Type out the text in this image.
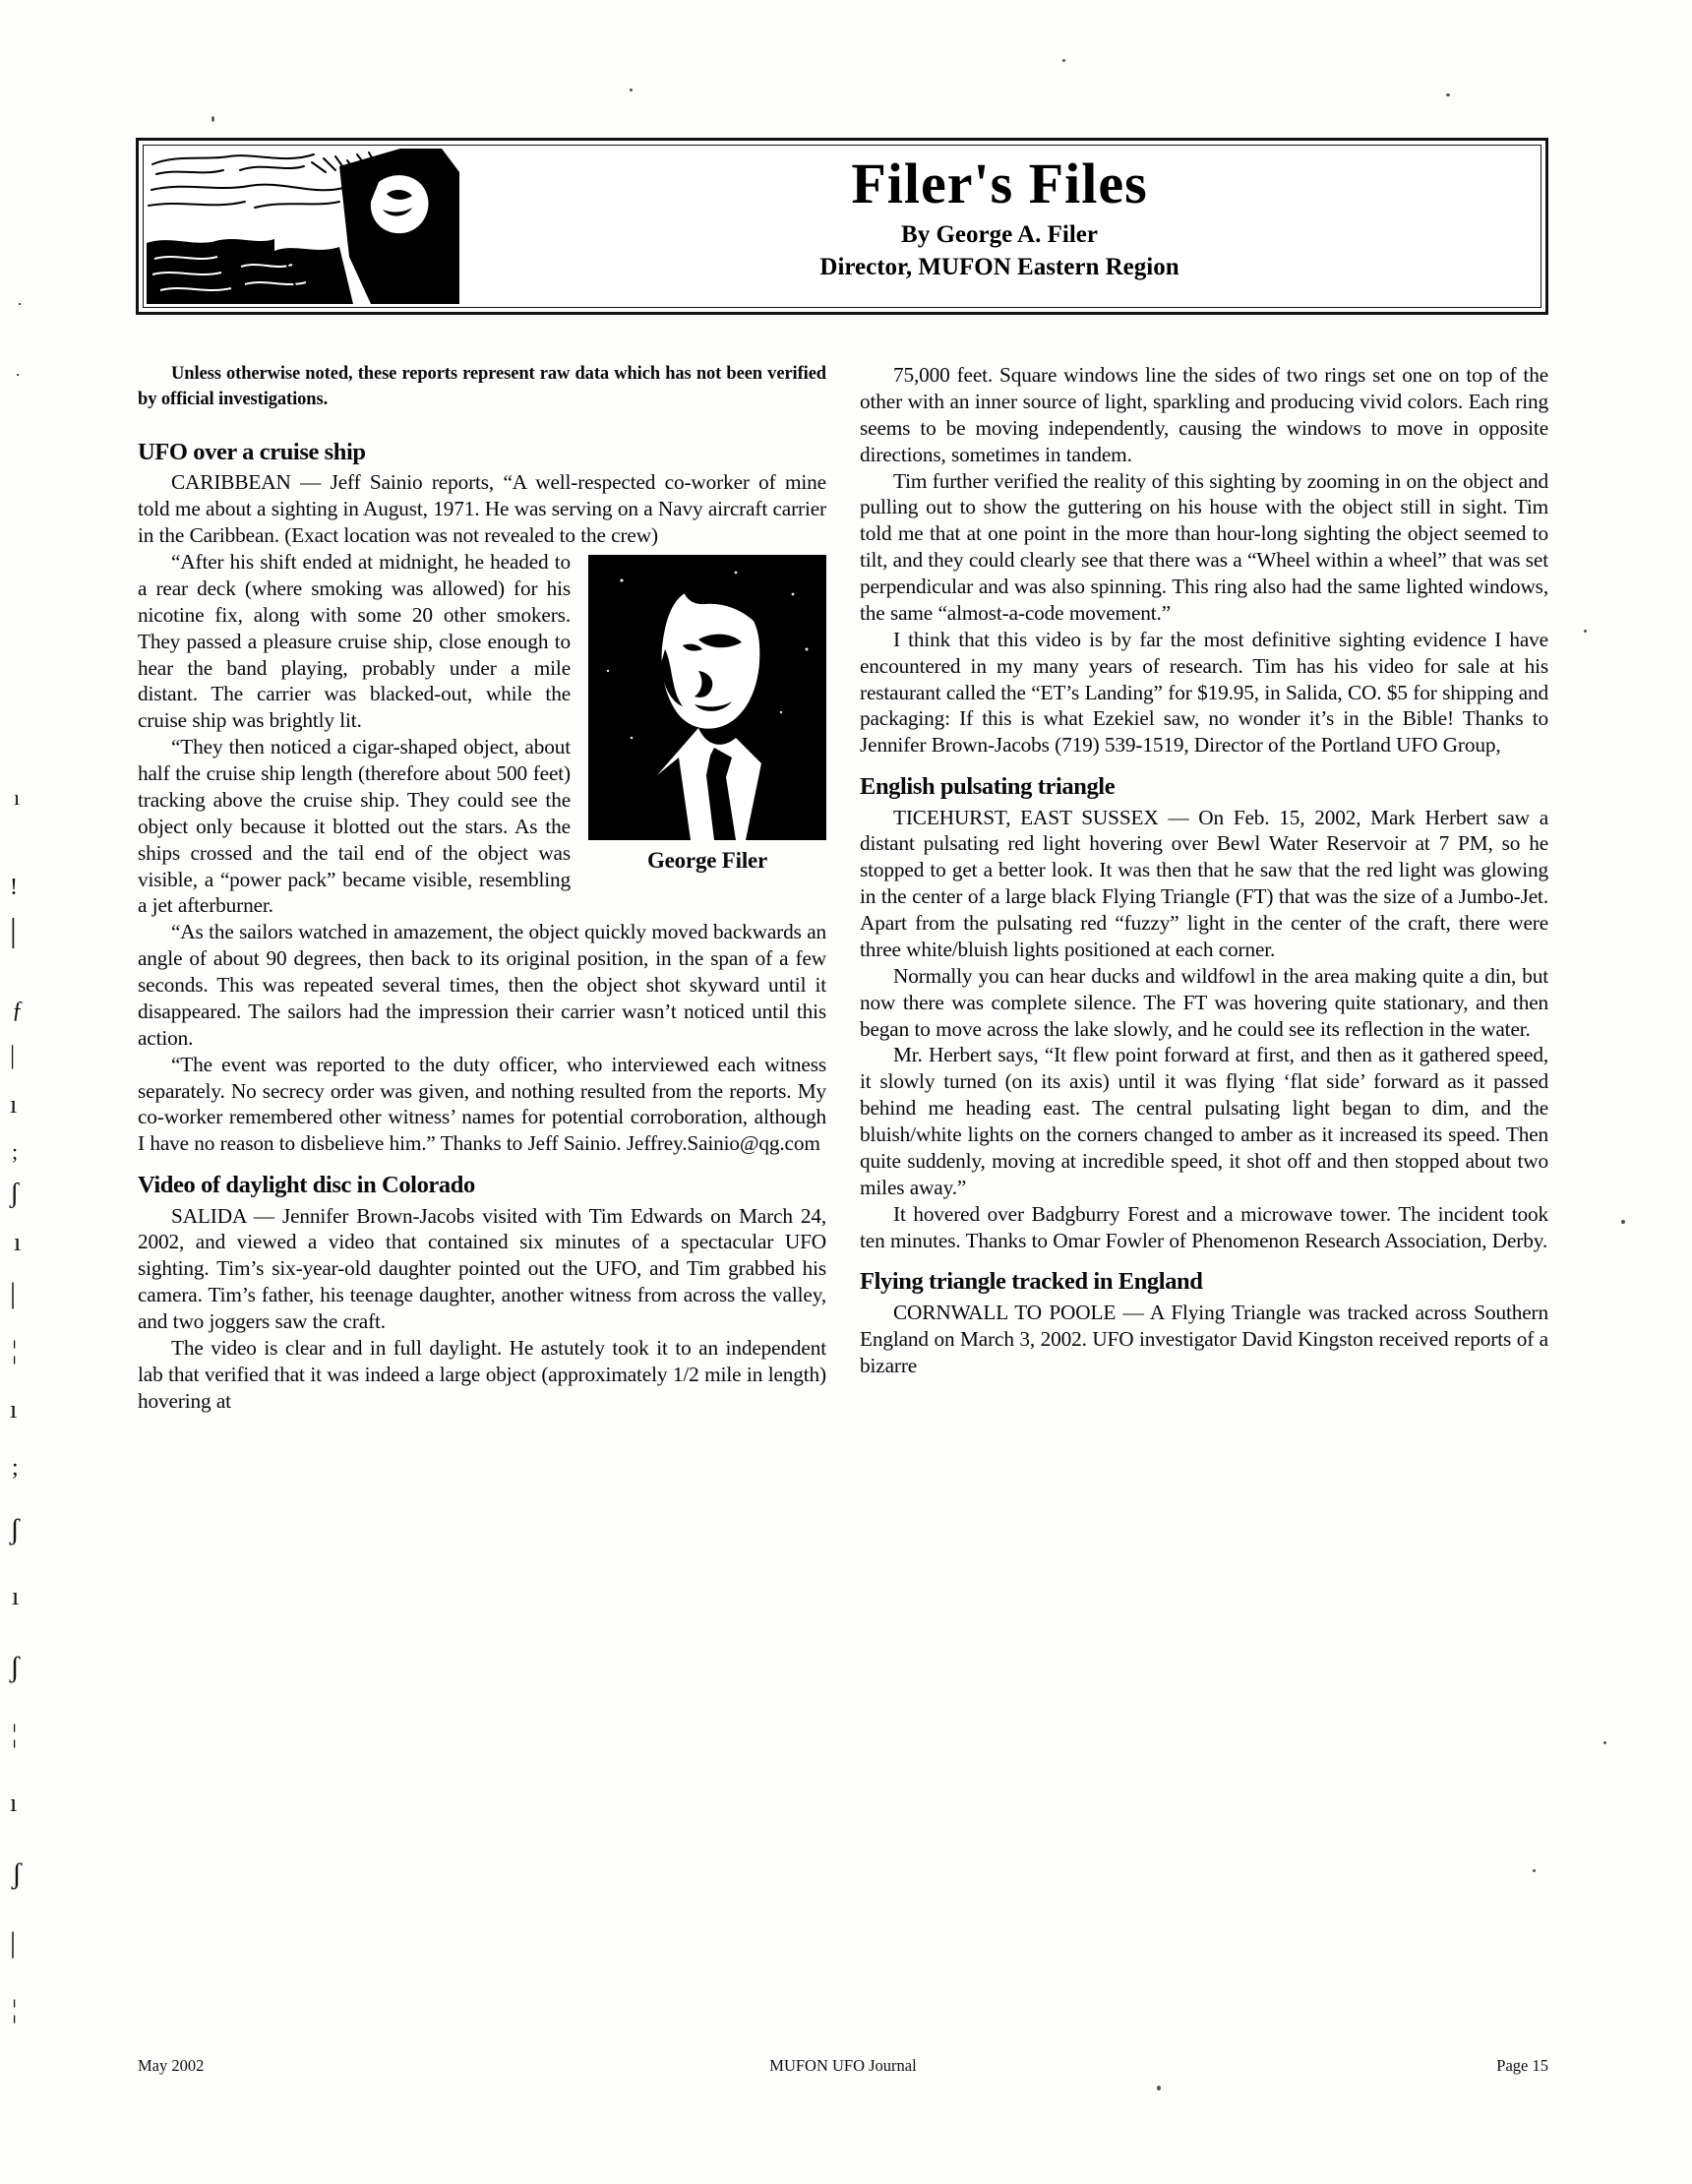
Filer's Files

By George A. Filer

Director, MUFON Eastern Region

Unless otherwise noted, these reports represent raw data which has not been verified by official investigations.

UFO over a cruise ship

CARIBBEAN — Jeff Sainio reports, “A well-respected co-worker of mine told me about a sighting in August, 1971. He was serving on a Navy aircraft carrier in the Caribbean. (Exact location was not revealed to the crew)

George Filer

“After his shift ended at midnight, he headed to a rear deck (where smoking was allowed) for his nicotine fix, along with some 20 other smokers. They passed a pleasure cruise ship, close enough to hear the band playing, probably under a mile distant. The carrier was blacked-out, while the cruise ship was brightly lit.

“They then noticed a cigar-shaped object, about half the cruise ship length (therefore about 500 feet) tracking above the cruise ship. They could see the object only because it blotted out the stars. As the ships crossed and the tail end of the object was visible, a “power pack” became visible, resembling a jet afterburner.

“As the sailors watched in amazement, the object quickly moved backwards an angle of about 90 degrees, then back to its original position, in the span of a few seconds. This was repeated several times, then the object shot skyward until it disappeared. The sailors had the impression their carrier wasn’t noticed until this action.

“The event was reported to the duty officer, who interviewed each witness separately. No secrecy order was given, and nothing resulted from the reports. My co-worker remembered other witness’ names for potential corroboration, although I have no reason to disbelieve him.” Thanks to Jeff Sainio. Jeffrey.Sainio@qg.com

Video of daylight disc in Colorado

SALIDA — Jennifer Brown-Jacobs visited with Tim Edwards on March 24, 2002, and viewed a video that contained six minutes of a spectacular UFO sighting. Tim’s six-year-old daughter pointed out the UFO, and Tim grabbed his camera. Tim’s father, his teenage daughter, another witness from across the valley, and two joggers saw the craft.

The video is clear and in full daylight. He astutely took it to an independent lab that verified that it was indeed a large object (approximately 1/2 mile in length) hovering at

75,000 feet. Square windows line the sides of two rings set one on top of the other with an inner source of light, sparkling and producing vivid colors. Each ring seems to be moving independently, causing the windows to move in opposite directions, sometimes in tandem.

Tim further verified the reality of this sighting by zooming in on the object and pulling out to show the guttering on his house with the object still in sight. Tim told me that at one point in the more than hour-long sighting the object seemed to tilt, and they could clearly see that there was a “Wheel within a wheel” that was set perpendicular and was also spinning. This ring also had the same lighted windows, the same “almost-a-code movement.”

I think that this video is by far the most definitive sighting evidence I have encountered in my many years of research. Tim has his video for sale at his restaurant called the “ET’s Landing” for $19.95, in Salida, CO. $5 for shipping and packaging: If this is what Ezekiel saw, no wonder it’s in the Bible! Thanks to Jennifer Brown-Jacobs (719) 539-1519, Director of the Portland UFO Group,

English pulsating triangle

TICEHURST, EAST SUSSEX — On Feb. 15, 2002, Mark Herbert saw a distant pulsating red light hovering over Bewl Water Reservoir at 7 PM, so he stopped to get a better look. It was then that he saw that the red light was glowing in the center of a large black Flying Triangle (FT) that was the size of a Jumbo-Jet. Apart from the pulsating red “fuzzy” light in the center of the craft, there were three white/bluish lights positioned at each corner.

Normally you can hear ducks and wildfowl in the area making quite a din, but now there was complete silence. The FT was hovering quite stationary, and then began to move across the lake slowly, and he could see its reflection in the water.

Mr. Herbert says, “It flew point forward at first, and then as it gathered speed, it slowly turned (on its axis) until it was flying ‘flat side’ forward as it passed behind me heading east. The central pulsating light began to dim, and the bluish/white lights on the corners changed to amber as it increased its speed. Then quite suddenly, moving at incredible speed, it shot off and then stopped about two miles away.”

It hovered over Badgburry Forest and a microwave tower. The incident took ten minutes. Thanks to Omar Fowler of Phenomenon Research Association, Derby.

Flying triangle tracked in England

CORNWALL TO POOLE — A Flying Triangle was tracked across Southern England on March 3, 2002. UFO investigator David Kingston received reports of a bizarre

May 2002	MUFON UFO Journal	Page 15
.
.
ı
!
|
ƒ
|
ı
;
ʃ
ı
|
¦
ı
;
ʃ
ı
ʃ
¦
ı
ʃ
|
¦
